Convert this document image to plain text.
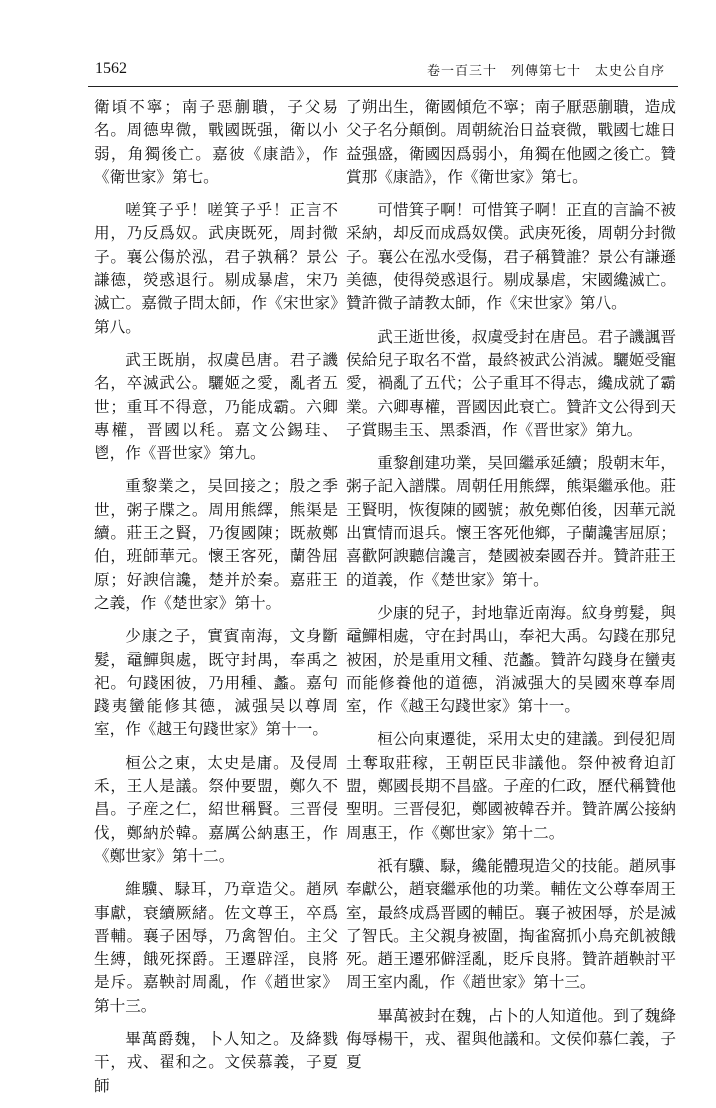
1562	卷一百三十　列傳第七十　太史公自序

衛頃不寧；南子惡蒯聵，子父易名。周德卑微，戰國既强，衛以小弱，角獨後亡。嘉彼《康誥》，作《衛世家》第七。

嗟箕子乎！嗟箕子乎！正言不用，乃反爲奴。武庚既死，周封微子。襄公傷於泓，君子孰稱？景公謙德，熒惑退行。剔成暴虐，宋乃滅亡。嘉微子問太師，作《宋世家》第八。

武王既崩，叔虞邑唐。君子譏名，卒滅武公。驪姬之愛，亂者五世；重耳不得意，乃能成霸。六卿專權，晋國以秏。嘉文公錫珪、鬯，作《晋世家》第九。

重黎業之，吴回接之；殷之季世，粥子牒之。周用熊繹，熊渠是續。莊王之賢，乃復國陳；既赦鄭伯，班師華元。懷王客死，蘭咎屈原；好諛信讒，楚并於秦。嘉莊王之義，作《楚世家》第十。

少康之子，實賓南海，文身斷髮，黿鱓與處，既守封禺，奉禹之祀。句踐困彼，乃用種、蠡。嘉句踐夷蠻能修其德，滅强吴以尊周室，作《越王句踐世家》第十一。

桓公之東，太史是庸。及侵周禾，王人是議。祭仲要盟，鄭久不昌。子産之仁，紹世稱賢。三晋侵伐，鄭納於韓。嘉厲公納惠王，作《鄭世家》第十二。

維驥、騄耳，乃章造父。趙夙事獻，衰續厥緒。佐文尊王，卒爲晋輔。襄子困辱，乃禽智伯。主父生縛，餓死探爵。王遷辟淫，良將是斥。嘉鞅討周亂，作《趙世家》第十三。

畢萬爵魏，卜人知之。及絳戮干，戎、翟和之。文侯慕義，子夏師

了朔出生，衛國傾危不寧；南子厭惡蒯聵，造成父子名分顛倒。周朝統治日益衰微，戰國七雄日益强盛，衛國因爲弱小，角獨在他國之後亡。贊賞那《康誥》，作《衛世家》第七。

可惜箕子啊！可惜箕子啊！正直的言論不被采納，却反而成爲奴僕。武庚死後，周朝分封微子。襄公在泓水受傷，君子稱贊誰？景公有謙遜美德，使得熒惑退行。剔成暴虐，宋國纔滅亡。贊許微子請教太師，作《宋世家》第八。

武王逝世後，叔虞受封在唐邑。君子譏諷晋侯給兒子取名不當，最終被武公消滅。驪姬受寵愛，禍亂了五代；公子重耳不得志，纔成就了霸業。六卿專權，晋國因此衰亡。贊許文公得到天子賞賜圭玉、黑黍酒，作《晋世家》第九。

重黎創建功業，吴回繼承延續；殷朝末年，粥子記入譜牒。周朝任用熊繹，熊渠繼承他。莊王賢明，恢復陳的國號；赦免鄭伯後，因華元説出實情而退兵。懷王客死他鄉，子蘭讒害屈原；喜歡阿諛聽信讒言，楚國被秦國吞并。贊許莊王的道義，作《楚世家》第十。

少康的兒子，封地靠近南海。紋身剪髮，與黿鱓相處，守在封禺山，奉祀大禹。勾踐在那兒被困，於是重用文種、范蠡。贊許勾踐身在蠻夷而能修養他的道德，消滅强大的吴國來尊奉周室，作《越王勾踐世家》第十一。

桓公向東遷徙，采用太史的建議。到侵犯周土奪取莊稼，王朝臣民非議他。祭仲被脅迫訂盟，鄭國長期不昌盛。子産的仁政，歷代稱贊他聖明。三晋侵犯，鄭國被韓吞并。贊許厲公接納周惠王，作《鄭世家》第十二。

祇有驥、騄，纔能體現造父的技能。趙夙事奉獻公，趙衰繼承他的功業。輔佐文公尊奉周王室，最終成爲晋國的輔臣。襄子被困辱，於是滅了智氏。主父親身被圍，掏雀窩抓小鳥充飢被餓死。趙王遷邪僻淫亂，貶斥良將。贊許趙鞅討平周王室内亂，作《趙世家》第十三。

畢萬被封在魏，占卜的人知道他。到了魏絳侮辱楊干，戎、翟與他議和。文侯仰慕仁義，子夏
